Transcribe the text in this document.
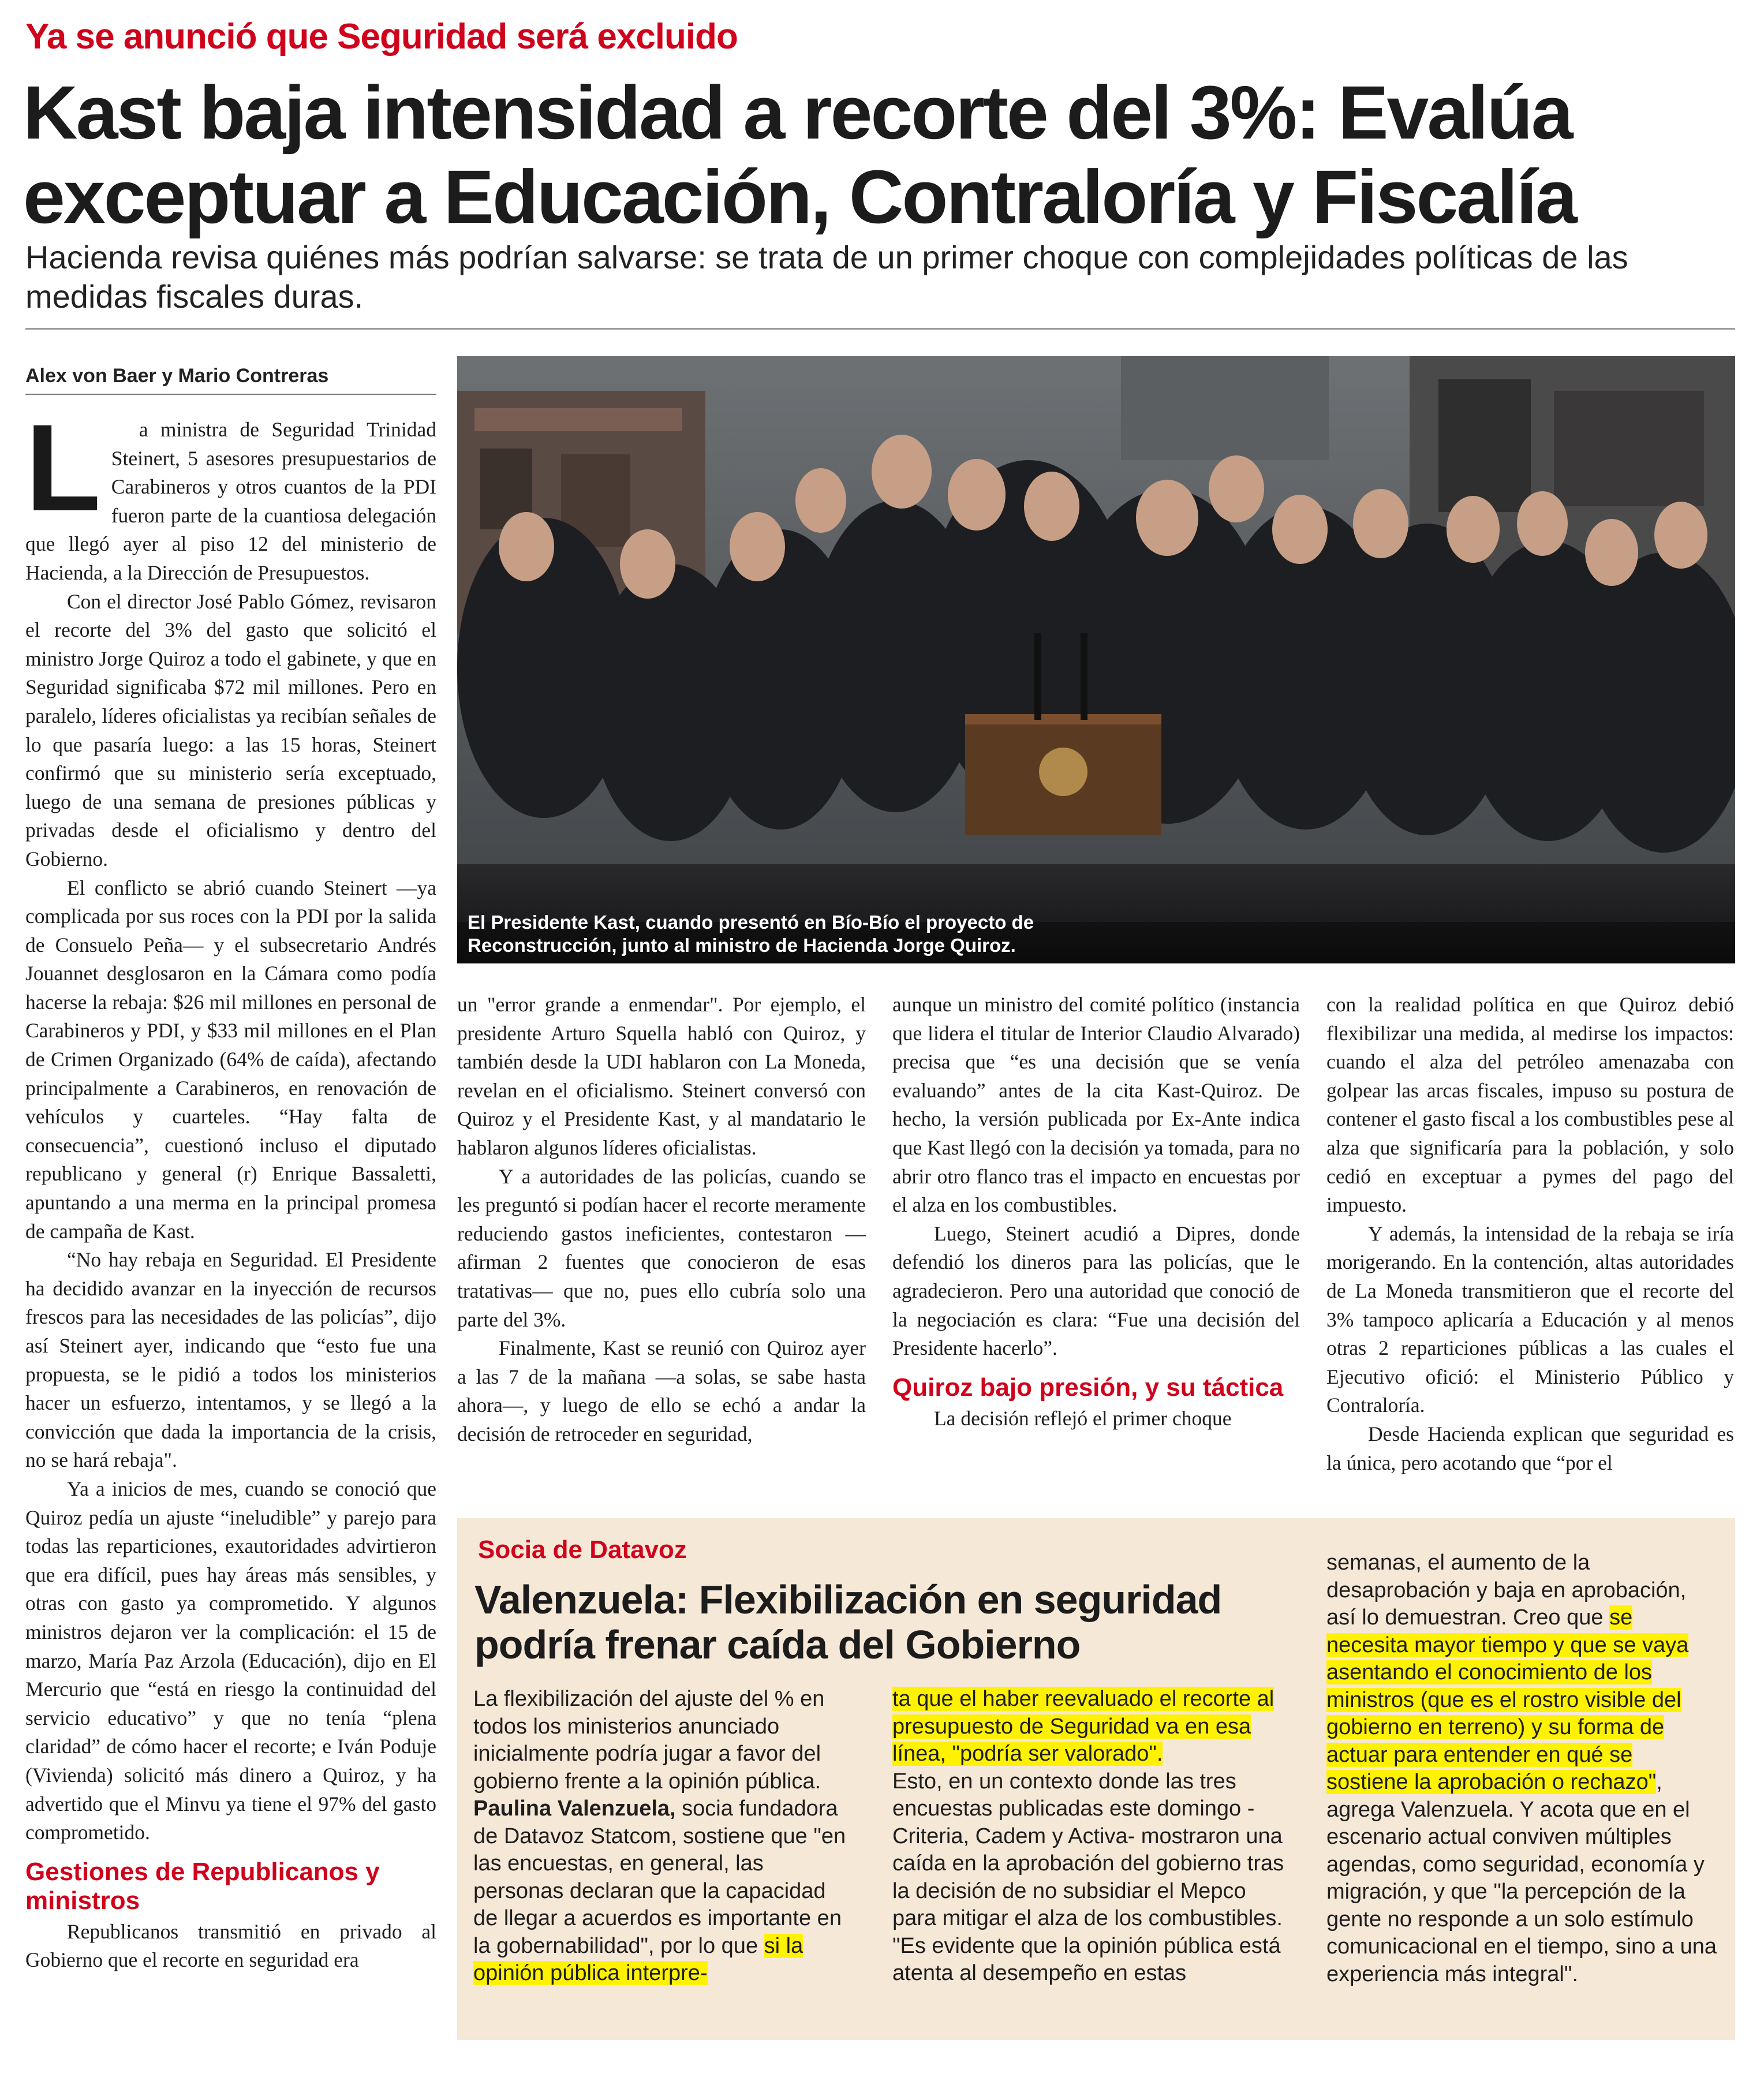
Ya se anunció que Seguridad será excluido
Kast baja intensidad a recorte del 3%: Evalúa exceptuar a Educación, Contraloría y Fiscalía

Hacienda revisa quiénes más podrían salvarse: se trata de un primer choque con complejidades políticas de las medidas fiscales duras.

Alex von Baer y Mario Contreras
L	a ministra de Seguridad Trinidad Steinert, 5 asesores presupuestarios de Carabineros y otros cuantos de la PDI fueron parte de la cuantiosa delegación que llegó ayer al piso 12 del ministerio de Hacienda, a la Dirección de Presupuestos.

Con el director José Pablo Gómez, revisaron el recorte del 3% del gasto que solicitó el ministro Jorge Quiroz a todo el gabinete, y que en Seguridad significaba $72 mil millones. Pero en paralelo, líderes oficialistas ya recibían señales de lo que pasaría luego: a las 15 horas, Steinert confirmó que su ministerio sería exceptuado, luego de una semana de presiones públicas y privadas desde el oficialismo y dentro del Gobierno.

El conflicto se abrió cuando Steinert —ya complicada por sus roces con la PDI por la salida de Consuelo Peña— y el subsecretario Andrés Jouannet desglosaron en la Cámara como podía hacerse la rebaja: $26 mil millones en personal de Carabineros y PDI, y $33 mil millones en el Plan de Crimen Organizado (64% de caída), afectando principalmente a Carabineros, en renovación de vehículos y cuarteles. “Hay falta de consecuencia”, cuestionó incluso el diputado republicano y general (r) Enrique Bassaletti, apuntando a una merma en la principal promesa de campaña de Kast.

“No hay rebaja en Seguridad. El Presidente ha decidido avanzar en la inyección de recursos frescos para las necesidades de las policías”, dijo así Steinert ayer, indicando que “esto fue una propuesta, se le pidió a todos los ministerios hacer un esfuerzo, intentamos, y se llegó a la convicción que dada la importancia de la crisis, no se hará rebaja".

Ya a inicios de mes, cuando se conoció que Quiroz pedía un ajuste “ineludible” y parejo para todas las reparticiones, exautoridades advirtieron que era difícil, pues hay áreas más sensibles, y otras con gasto ya comprometido. Y algunos ministros dejaron ver la complicación: el 15 de marzo, María Paz Arzola (Educación), dijo en El Mercurio que “está en riesgo la continuidad del servicio educativo” y que no tenía “plena claridad” de cómo hacer el recorte; e Iván Poduje (Vivienda) solicitó más dinero a Quiroz, y ha advertido que el Minvu ya tiene el 97% del gasto comprometido.

Gestiones de Republicanos y ministros

Republicanos transmitió en privado al Gobierno que el recorte en seguridad era

El Presidente Kast, cuando presentó en Bío-Bío el proyecto de Reconstrucción, junto al ministro de Hacienda Jorge Quiroz.

un "error grande a enmendar". Por ejemplo, el presidente Arturo Squella habló con Quiroz, y también desde la UDI hablaron con La Moneda, revelan en el oficialismo. Steinert conversó con Quiroz y el Presidente Kast, y al mandatario le hablaron algunos líderes oficialistas.

Y a autoridades de las policías, cuando se les preguntó si podían hacer el recorte meramente reduciendo gastos ineficientes, contestaron —afirman 2 fuentes que conocieron de esas tratativas— que no, pues ello cubría solo una parte del 3%.

Finalmente, Kast se reunió con Quiroz ayer a las 7 de la mañana —a solas, se sabe hasta ahora—, y luego de ello se echó a andar la decisión de retroceder en seguridad,

aunque un ministro del comité político (instancia que lidera el titular de Interior Claudio Alvarado) precisa que “es una decisión que se venía evaluando” antes de la cita Kast-Quiroz. De hecho, la versión publicada por Ex-Ante indica que Kast llegó con la decisión ya tomada, para no abrir otro flanco tras el impacto en encuestas por el alza en los combustibles.

Luego, Steinert acudió a Dipres, donde defendió los dineros para las policías, que le agradecieron. Pero una autoridad que conoció de la negociación es clara: “Fue una decisión del Presidente hacerlo”.

Quiroz bajo presión, y su táctica

La decisión reflejó el primer choque

con la realidad política en que Quiroz debió flexibilizar una medida, al medirse los impactos: cuando el alza del petróleo amenazaba con golpear las arcas fiscales, impuso su postura de contener el gasto fiscal a los combustibles pese al alza que significaría para la población, y solo cedió en exceptuar a pymes del pago del impuesto.

Y además, la intensidad de la rebaja se iría morigerando. En la contención, altas autoridades de La Moneda transmitieron que el recorte del 3% tampoco aplicaría a Educación y al menos otras 2 reparticiones públicas a las cuales el Ejecutivo ofició: el Ministerio Público y Contraloría.

Desde Hacienda explican que seguridad es la única, pero acotando que “por el

Socia de Datavoz
Valenzuela: Flexibilización en seguridad podría frenar caída del Gobierno

La flexibilización del ajuste del % en todos los ministerios anunciado inicialmente podría jugar a favor del gobierno frente a la opinión pública.

Paulina Valenzuela, socia fundadora de Datavoz Statcom, sostiene que "en las encuestas, en general, las personas declaran que la capacidad de llegar a acuerdos es importante en la gobernabilidad", por lo que si la opinión pública interpre-

ta que el haber reevaluado el recorte al presupuesto de Seguridad va en esa línea, "podría ser valorado".

Esto, en un contexto donde las tres encuestas publicadas este domingo -Criteria, Cadem y Activa- mostraron una caída en la aprobación del gobierno tras la decisión de no subsidiar el Mepco para mitigar el alza de los combustibles.

"Es evidente que la opinión pública está atenta al desempeño en estas

semanas, el aumento de la desaprobación y baja en aprobación, así lo demuestran. Creo que se necesita mayor tiempo y que se vaya asentando el conocimiento de los ministros (que es el rostro visible del gobierno en terreno) y su forma de actuar para entender en qué se sostiene la aprobación o rechazo", agrega Valenzuela. Y acota que en el escenario actual conviven múltiples agendas, como seguridad, economía y migración, y que "la percepción de la gente no responde a un solo estímulo comunicacional en el tiempo, sino a una experiencia más integral".
